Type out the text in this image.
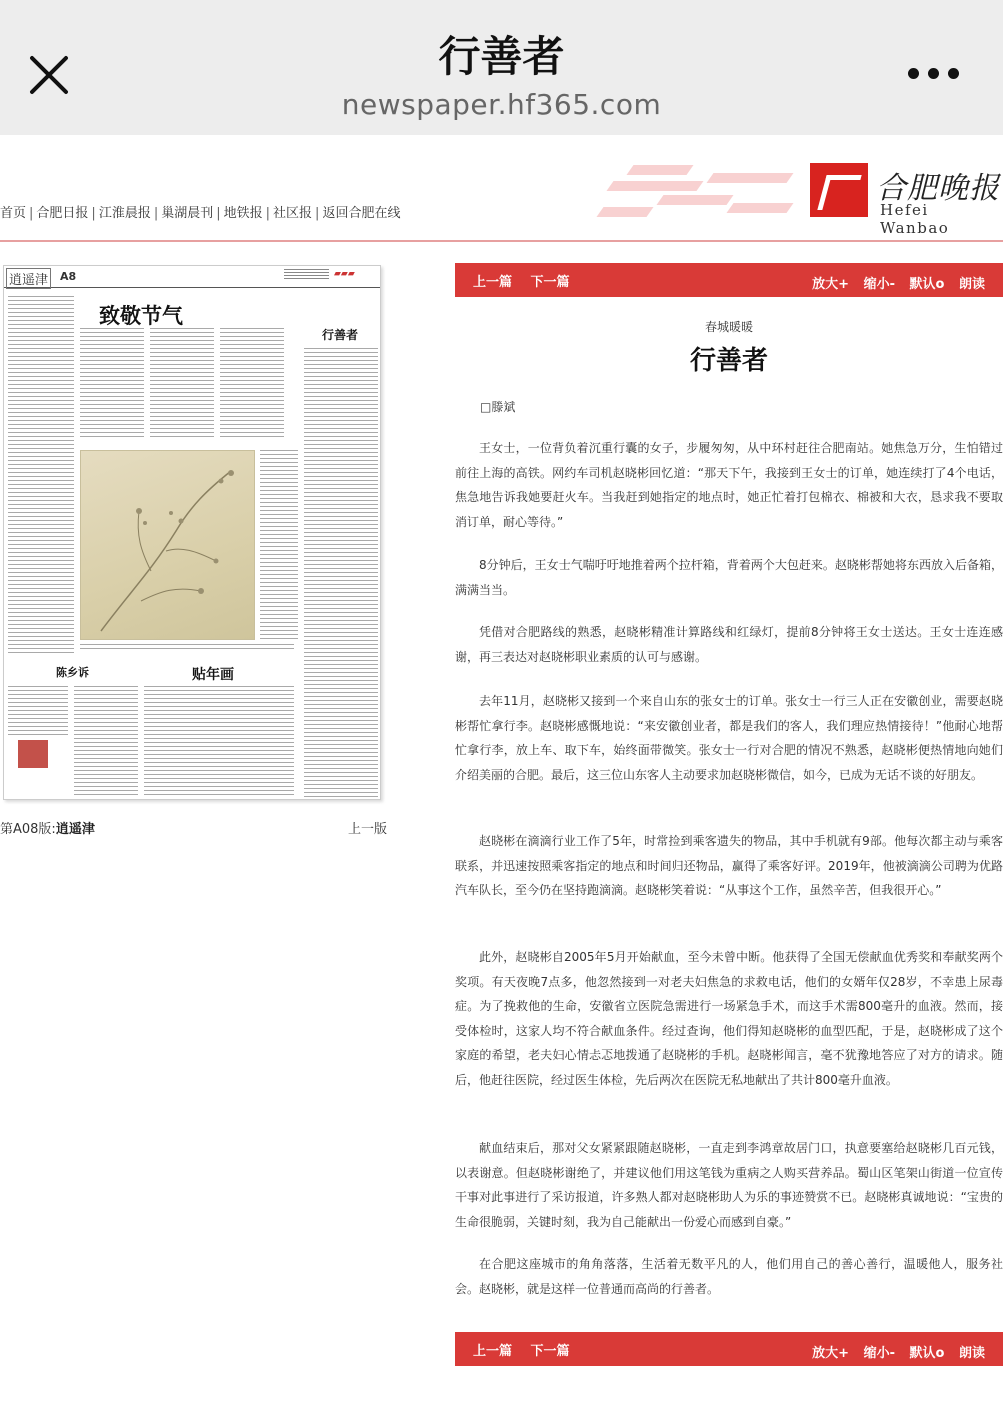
行善者
newspaper.hf365.com
首页 | 合肥日报 | 江淮晨报 | 巢湖晨刊 | 地铁报 | 社区报 | 返回合肥在线
合肥晚报
Hefei Wanbao
逍遥津 A8	▰▰▰
致敬节气
行善者
陈乡诉	贴年画
第A08版:逍遥津	上一版
上一篇 下一篇	放大+ 缩小- 默认o 朗读
春城暖暖
行善者
□滕斌

王女士，一位背负着沉重行囊的女子，步履匆匆，从中环村赶往合肥南站。她焦急万分，生怕错过前往上海的高铁。网约车司机赵晓彬回忆道：“那天下午，我接到王女士的订单，她连续打了4个电话，焦急地告诉我她要赶火车。当我赶到她指定的地点时，她正忙着打包棉衣、棉被和大衣，恳求我不要取消订单，耐心等待。”

8分钟后，王女士气喘吁吁地推着两个拉杆箱，背着两个大包赶来。赵晓彬帮她将东西放入后备箱，满满当当。

凭借对合肥路线的熟悉，赵晓彬精准计算路线和红绿灯，提前8分钟将王女士送达。王女士连连感谢，再三表达对赵晓彬职业素质的认可与感谢。

去年11月，赵晓彬又接到一个来自山东的张女士的订单。张女士一行三人正在安徽创业，需要赵晓彬帮忙拿行李。赵晓彬感慨地说：“来安徽创业者，都是我们的客人，我们理应热情接待！”他耐心地帮忙拿行李，放上车、取下车，始终面带微笑。张女士一行对合肥的情况不熟悉，赵晓彬便热情地向她们介绍美丽的合肥。最后，这三位山东客人主动要求加赵晓彬微信，如今，已成为无话不谈的好朋友。

赵晓彬在滴滴行业工作了5年，时常捡到乘客遗失的物品，其中手机就有9部。他每次都主动与乘客联系，并迅速按照乘客指定的地点和时间归还物品，赢得了乘客好评。2019年，他被滴滴公司聘为优路汽车队长，至今仍在坚持跑滴滴。赵晓彬笑着说：“从事这个工作，虽然辛苦，但我很开心。”

此外，赵晓彬自2005年5月开始献血，至今未曾中断。他获得了全国无偿献血优秀奖和奉献奖两个奖项。有天夜晚7点多，他忽然接到一对老夫妇焦急的求救电话，他们的女婿年仅28岁，不幸患上尿毒症。为了挽救他的生命，安徽省立医院急需进行一场紧急手术，而这手术需800毫升的血液。然而，接受体检时，这家人均不符合献血条件。经过查询，他们得知赵晓彬的血型匹配，于是，赵晓彬成了这个家庭的希望，老夫妇心情忐忑地拨通了赵晓彬的手机。赵晓彬闻言，毫不犹豫地答应了对方的请求。随后，他赶往医院，经过医生体检，先后两次在医院无私地献出了共计800毫升血液。

献血结束后，那对父女紧紧跟随赵晓彬，一直走到李鸿章故居门口，执意要塞给赵晓彬几百元钱，以表谢意。但赵晓彬谢绝了，并建议他们用这笔钱为重病之人购买营养品。蜀山区笔架山街道一位宣传干事对此事进行了采访报道，许多熟人都对赵晓彬助人为乐的事迹赞赏不已。赵晓彬真诚地说：“宝贵的生命很脆弱，关键时刻，我为自己能献出一份爱心而感到自豪。”

在合肥这座城市的角角落落，生活着无数平凡的人，他们用自己的善心善行，温暖他人，服务社会。赵晓彬，就是这样一位普通而高尚的行善者。

上一篇 下一篇	放大+ 缩小- 默认o 朗读
